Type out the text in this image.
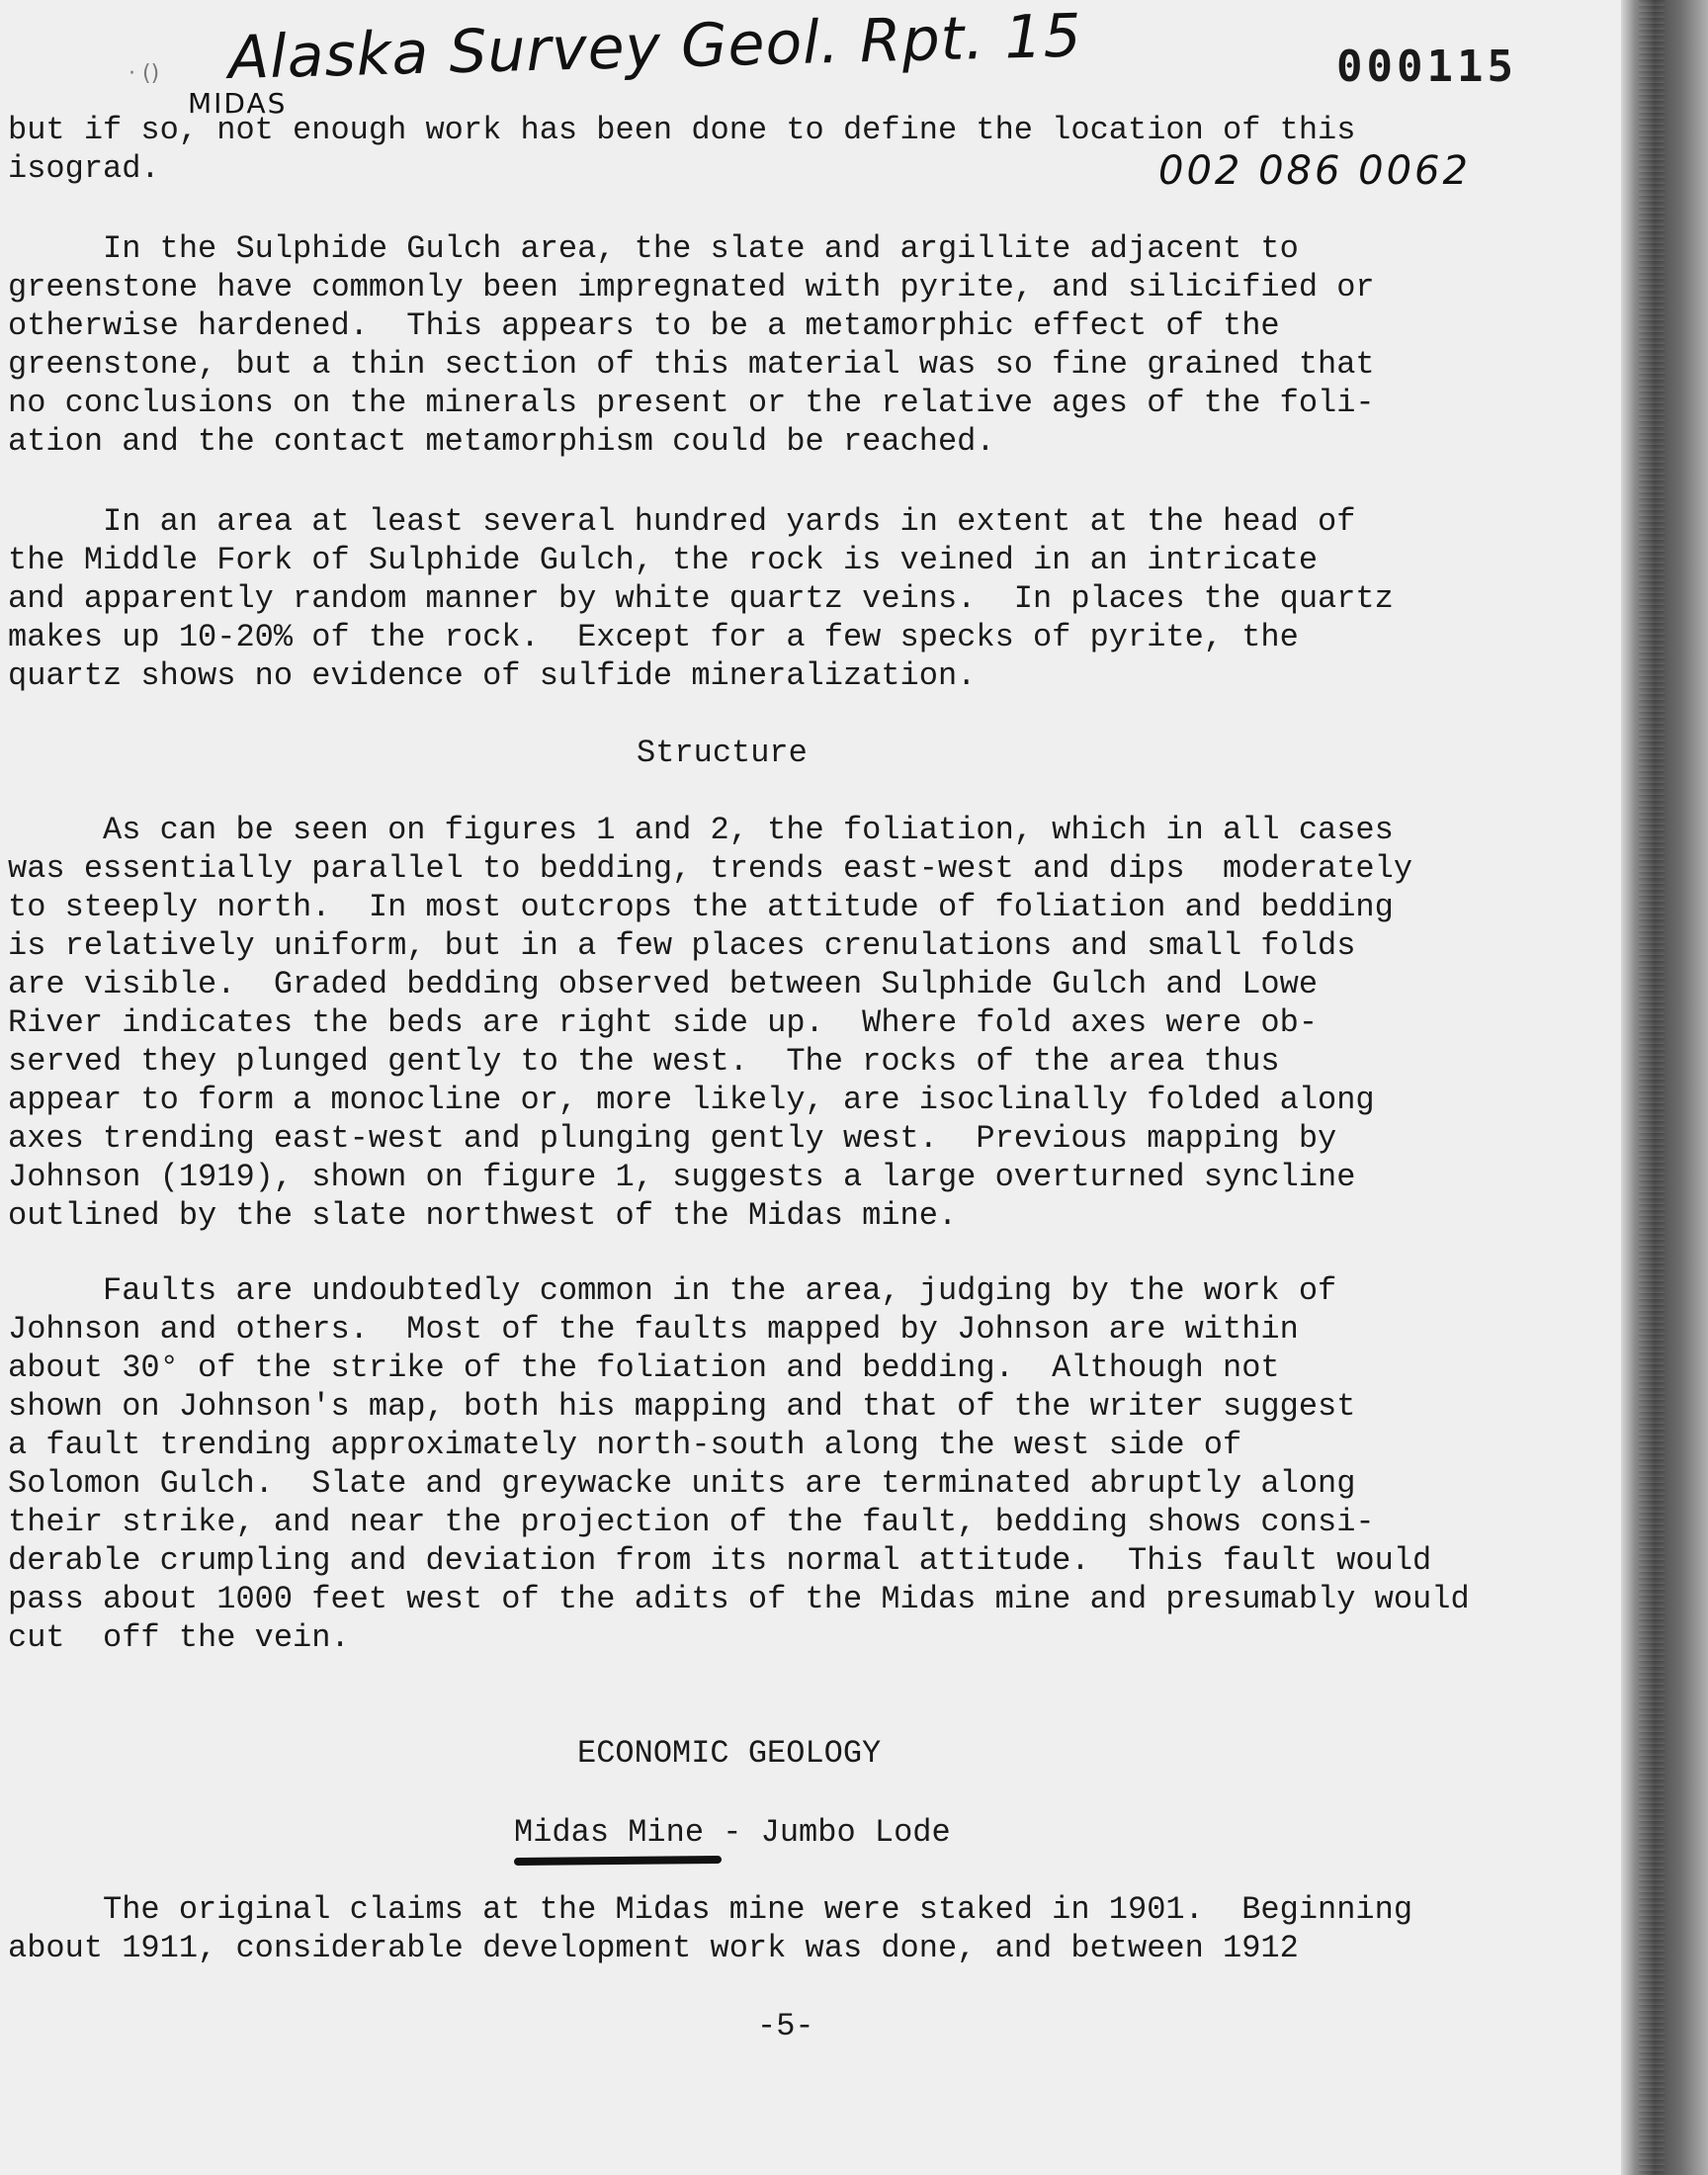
Alaska Survey Geol. Rpt. 15
· ()
MIDAS
000115
002 086 0062

but if so, not enough work has been done to define the location of this
isograd.

In the Sulphide Gulch area, the slate and argillite adjacent to
greenstone have commonly been impregnated with pyrite, and silicified or
otherwise hardened.  This appears to be a metamorphic effect of the
greenstone, but a thin section of this material was so fine grained that
no conclusions on the minerals present or the relative ages of the foli-
ation and the contact metamorphism could be reached.

In an area at least several hundred yards in extent at the head of
the Middle Fork of Sulphide Gulch, the rock is veined in an intricate
and apparently random manner by white quartz veins.  In places the quartz
makes up 10-20% of the rock.  Except for a few specks of pyrite, the
quartz shows no evidence of sulfide mineralization.

Structure

As can be seen on figures 1 and 2, the foliation, which in all cases
was essentially parallel to bedding, trends east-west and dips  moderately
to steeply north.  In most outcrops the attitude of foliation and bedding
is relatively uniform, but in a few places crenulations and small folds
are visible.  Graded bedding observed between Sulphide Gulch and Lowe
River indicates the beds are right side up.  Where fold axes were ob-
served they plunged gently to the west.  The rocks of the area thus
appear to form a monocline or, more likely, are isoclinally folded along
axes trending east-west and plunging gently west.  Previous mapping by
Johnson (1919), shown on figure 1, suggests a large overturned syncline
outlined by the slate northwest of the Midas mine.

Faults are undoubtedly common in the area, judging by the work of
Johnson and others.  Most of the faults mapped by Johnson are within
about 30° of the strike of the foliation and bedding.  Although not
shown on Johnson's map, both his mapping and that of the writer suggest
a fault trending approximately north-south along the west side of
Solomon Gulch.  Slate and greywacke units are terminated abruptly along
their strike, and near the projection of the fault, bedding shows consi-
derable crumpling and deviation from its normal attitude.  This fault would
pass about 1000 feet west of the adits of the Midas mine and presumably would
cut  off the vein.

ECONOMIC GEOLOGY

Midas Mine - Jumbo Lode

The original claims at the Midas mine were staked in 1901.  Beginning
about 1911, considerable development work was done, and between 1912

-5-
